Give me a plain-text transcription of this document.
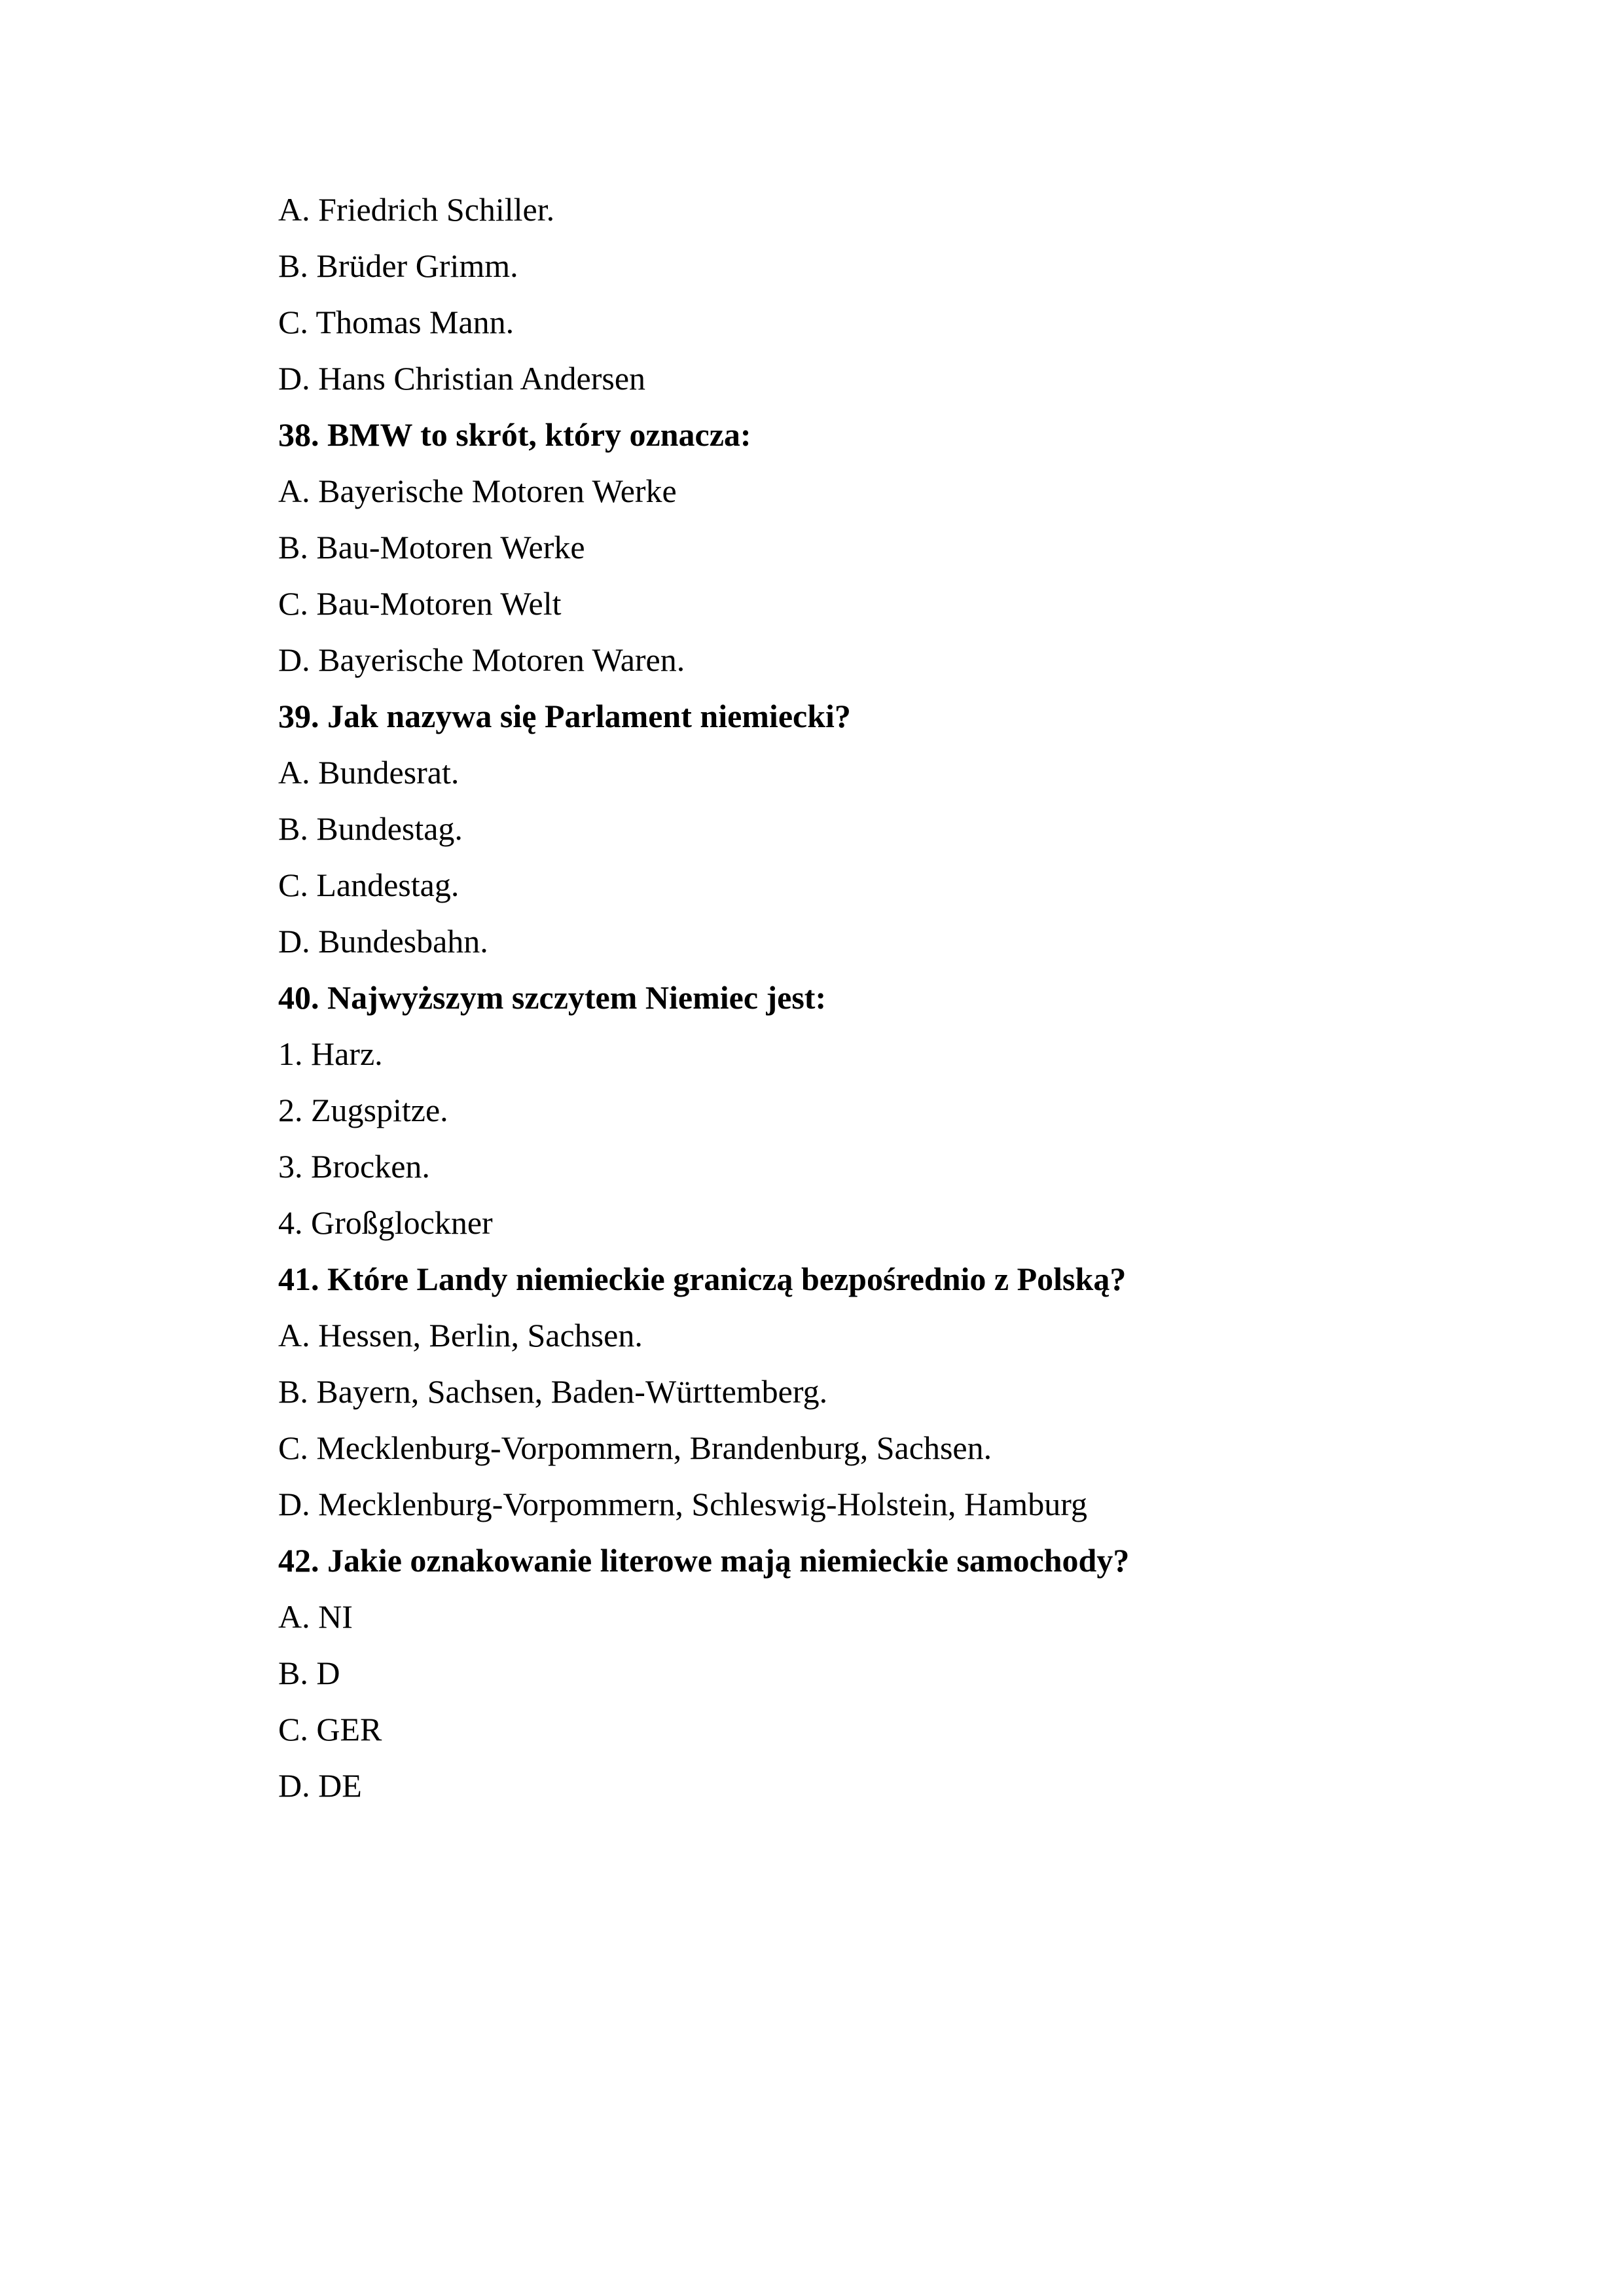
A. Friedrich Schiller.

B. Brüder Grimm.

C. Thomas Mann.

D. Hans Christian Andersen

38. BMW to skrót, który oznacza:

A. Bayerische Motoren Werke

B. Bau-Motoren Werke

C. Bau-Motoren Welt

D. Bayerische Motoren Waren.

39. Jak nazywa się Parlament niemiecki?

A. Bundesrat.

B. Bundestag.

C. Landestag.

D. Bundesbahn.

40. Najwyższym szczytem Niemiec jest:

1. Harz.

2. Zugspitze.

3. Brocken.

4. Großglockner

41. Które Landy niemieckie graniczą bezpośrednio z Polską?

A. Hessen, Berlin, Sachsen.

B. Bayern, Sachsen, Baden-Württemberg.

C. Mecklenburg-Vorpommern, Brandenburg, Sachsen.

D. Mecklenburg-Vorpommern, Schleswig-Holstein, Hamburg

42. Jakie oznakowanie literowe mają niemieckie samochody?

A. NI

B. D

C. GER

D. DE
